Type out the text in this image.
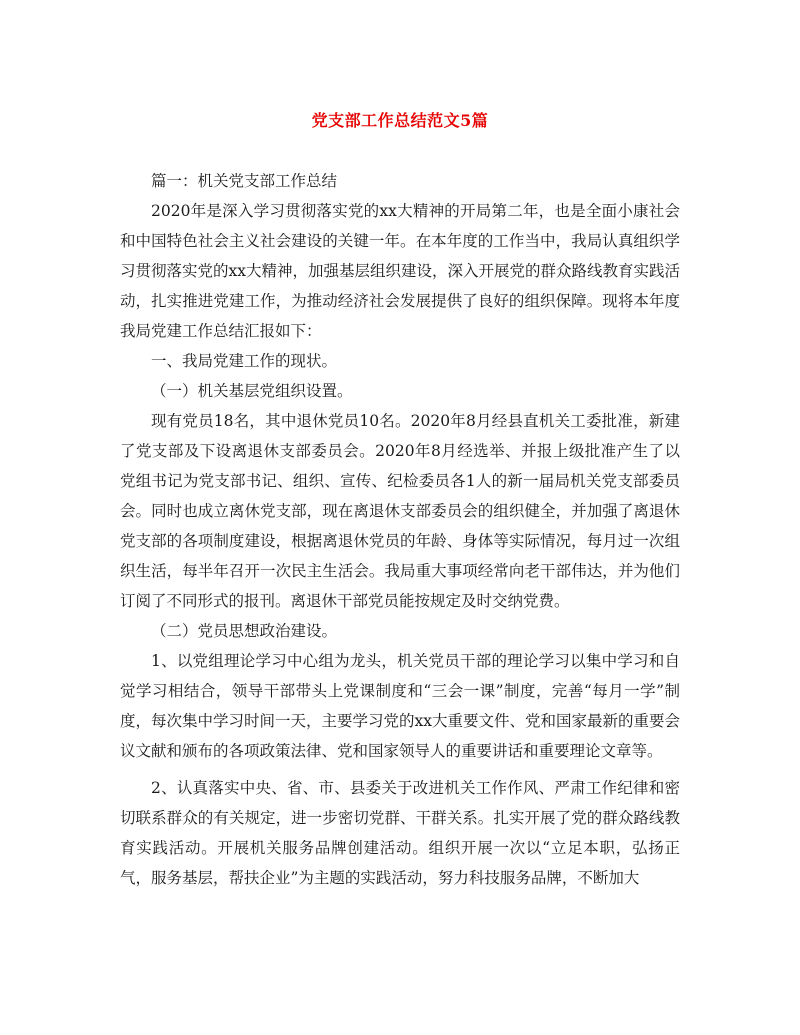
党支部工作总结范文5篇

篇一：机关党支部工作总结

2020年是深入学习贯彻落实党的xx大精神的开局第二年，也是全面小康社会和中国特色社会主义社会建设的关键一年。在本年度的工作当中，我局认真组织学习贯彻落实党的xx大精神，加强基层组织建设，深入开展党的群众路线教育实践活动，扎实推进党建工作，为推动经济社会发展提供了良好的组织保障。现将本年度我局党建工作总结汇报如下：

一、我局党建工作的现状。

（一）机关基层党组织设置。

现有党员18名，其中退休党员10名。2020年8月经县直机关工委批准，新建了党支部及下设离退休支部委员会。2020年8月经选举、并报上级批准产生了以党组书记为党支部书记、组织、宣传、纪检委员各1人的新一届局机关党支部委员会。同时也成立离休党支部，现在离退休支部委员会的组织健全，并加强了离退休党支部的各项制度建设，根据离退休党员的年龄、身体等实际情况，每月过一次组织生活，每半年召开一次民主生活会。我局重大事项经常向老干部伟达，并为他们订阅了不同形式的报刊。离退休干部党员能按规定及时交纳党费。

（二）党员思想政治建设。

1、以党组理论学习中心组为龙头，机关党员干部的理论学习以集中学习和自觉学习相结合，领导干部带头上党课制度和“三会一课”制度，完善“每月一学”制度，每次集中学习时间一天，主要学习党的xx大重要文件、党和国家最新的重要会议文献和颁布的各项政策法律、党和国家领导人的重要讲话和重要理论文章等。

2、认真落实中央、省、市、县委关于改进机关工作作风、严肃工作纪律和密切联系群众的有关规定，进一步密切党群、干群关系。扎实开展了党的群众路线教育实践活动。开展机关服务品牌创建活动。组织开展一次以“立足本职，弘扬正气，服务基层，帮扶企业”为主题的实践活动，努力科技服务品牌，不断加大
